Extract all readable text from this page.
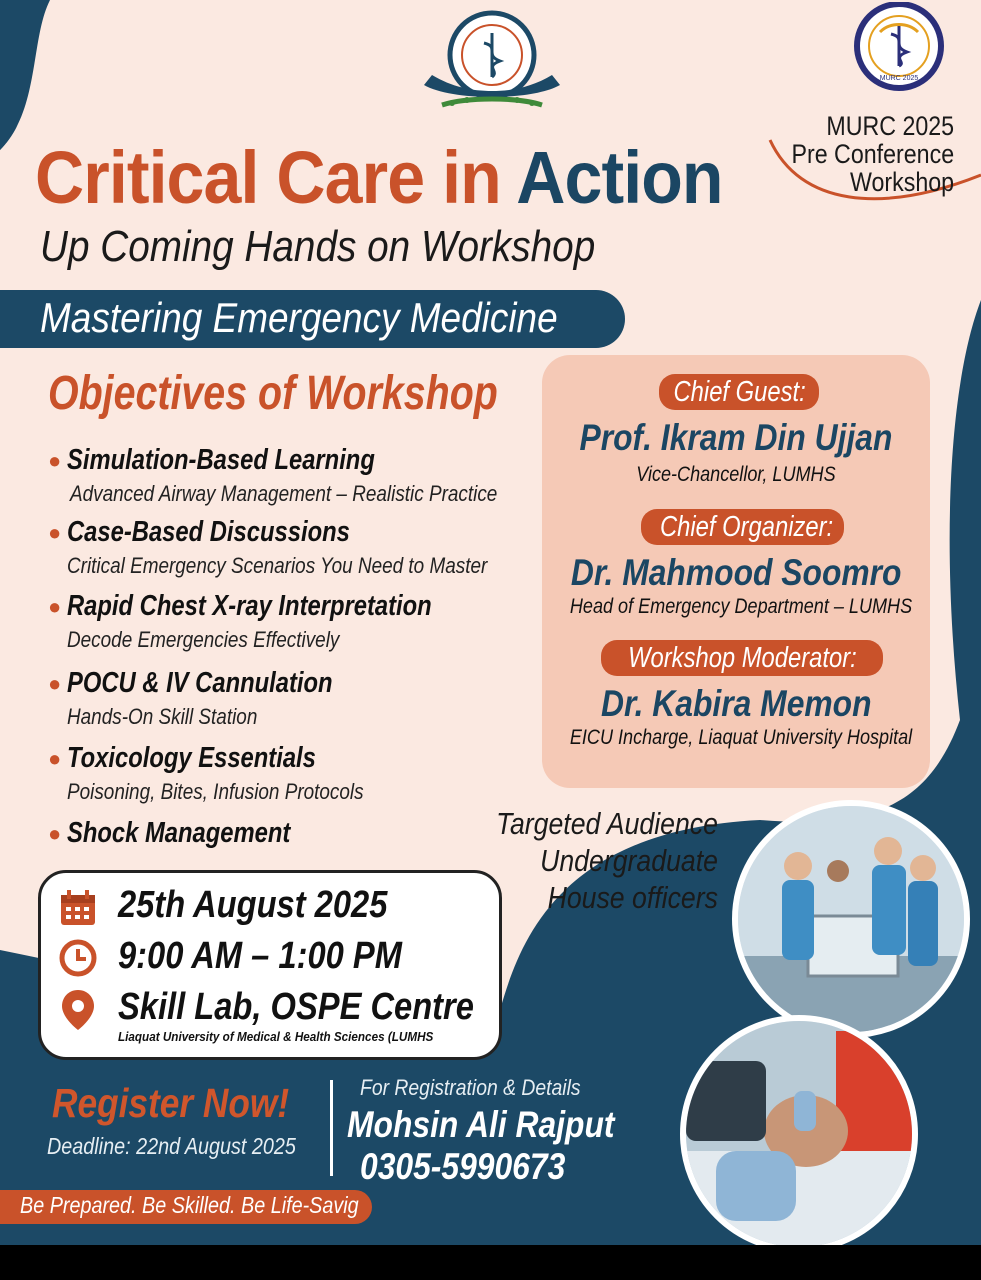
MURC 2025
MURC 2025
Pre Conference
Workshop
Critical Care in Action
Up Coming Hands on Workshop
Mastering Emergency Medicine
Objectives of Workshop
● Simulation-Based Learning
Advanced Airway Management – Realistic Practice
● Case-Based Discussions
Critical Emergency Scenarios You Need to Master
● Rapid Chest X-ray Interpretation
Decode Emergencies Effectively
● POCU & IV Cannulation
Hands-On Skill Station
● Toxicology Essentials
Poisoning, Bites, Infusion Protocols
● Shock Management
Chief Guest:
Prof. Ikram Din Ujjan
Vice-Chancellor, LUMHS
Chief Organizer:
Dr. Mahmood Soomro
Head of Emergency Department – LUMHS
Workshop Moderator:
Dr. Kabira Memon
EICU Incharge, Liaquat University Hospital
Targeted Audience
Undergraduate
House officers
25th August 2025
9:00 AM – 1:00 PM
Skill Lab, OSPE Centre
Liaquat University of Medical & Health Sciences (LUMHS
Register Now!
Deadline: 22nd August 2025
For Registration & Details
Mohsin Ali Rajput
0305-5990673
Be Prepared. Be Skilled. Be Life-Savig
